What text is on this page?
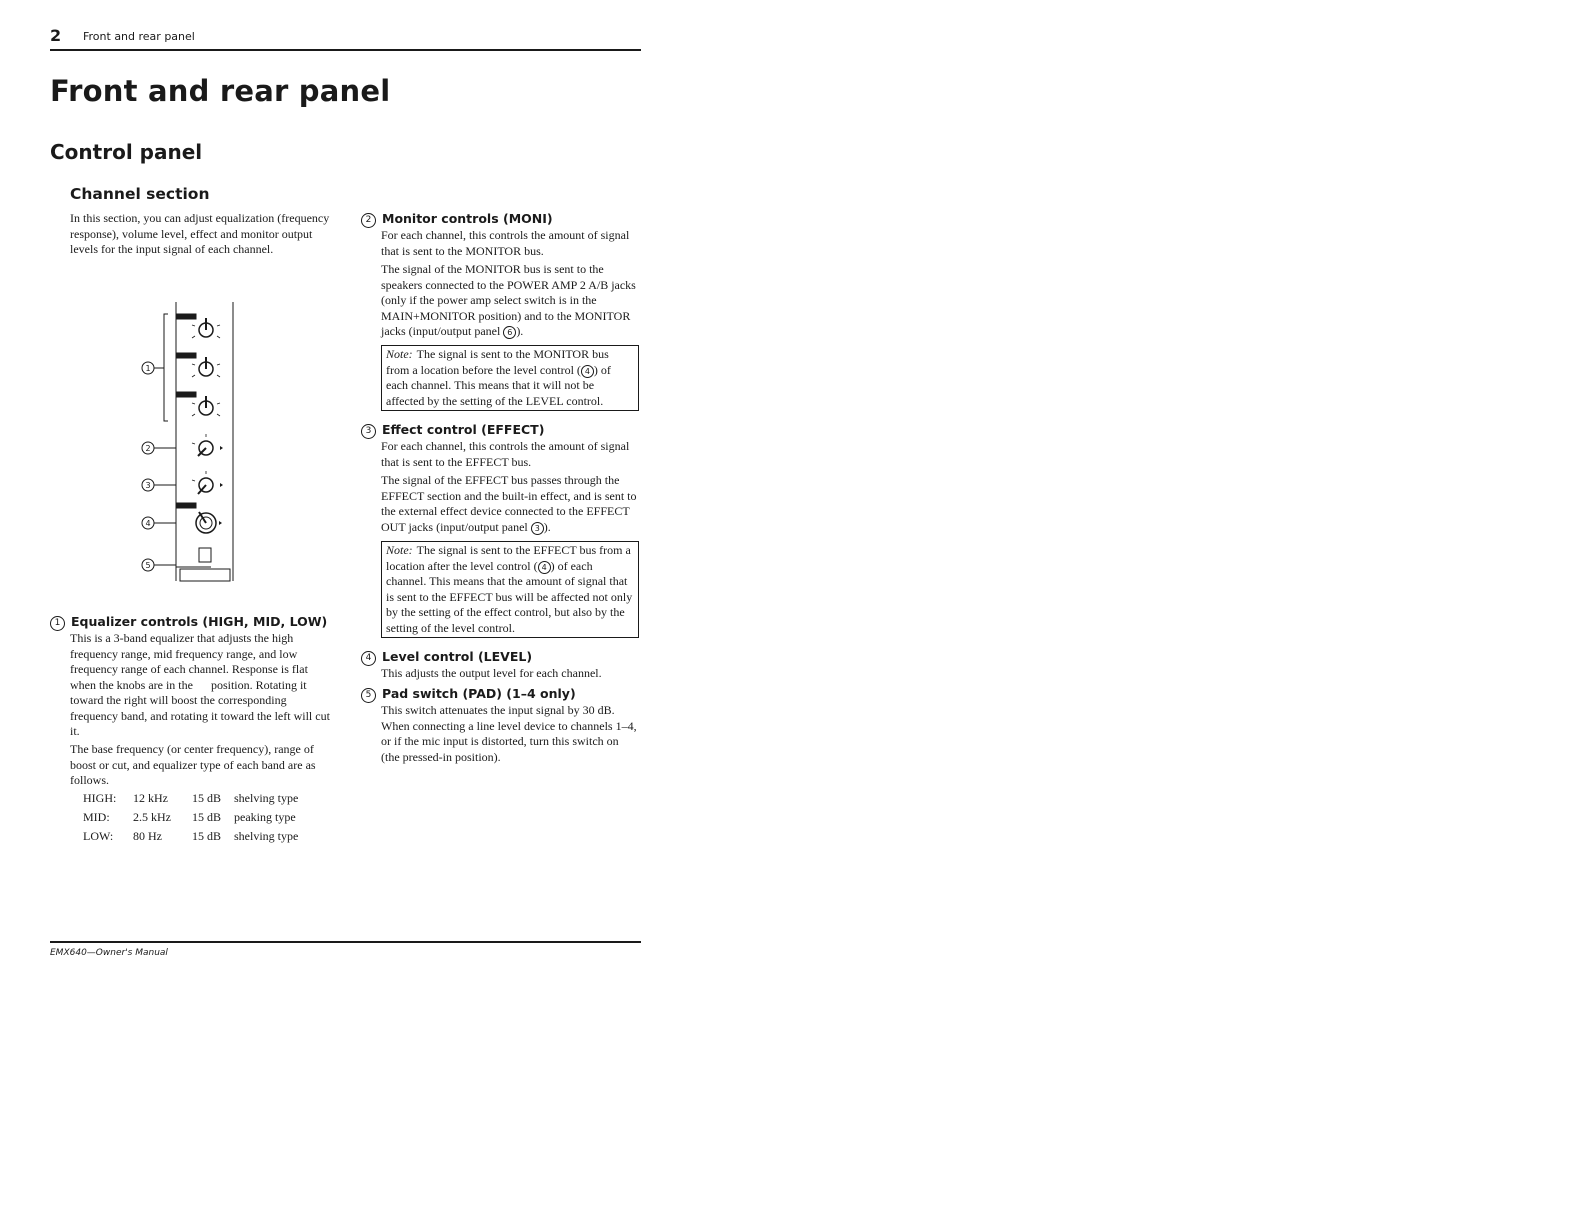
2 Front and rear panel
Front and rear panel
Control panel
Channel section

In this section, you can adjust equalization (frequency response), volume level, effect and monitor output levels for the input signal of each channel.

1
2
3
4
5
1 Equalizer controls (HIGH, MID, LOW)

This is a 3-band equalizer that adjusts the high frequency range, mid frequency range, and low frequency range of each channel. Response is flat when the knobs are in the      position. Rotating it toward the right will boost the corresponding frequency band, and rotating it toward the left will cut it.

The base frequency (or center frequency), range of boost or cut, and equalizer type of each band are as follows.

HIGH: 12 kHz 15 dB shelving type
MID: 2.5 kHz 15 dB peaking type
LOW: 80 Hz	15 dB shelving type
2 Monitor controls (MONI)

For each channel, this controls the amount of signal that is sent to the MONITOR bus.

The signal of the MONITOR bus is sent to the speakers connected to the POWER AMP 2 A/B jacks (only if the power amp select switch is in the MAIN+MONITOR position) and to the MONITOR jacks (input/output panel 6 ).

Note: The signal is sent to the MONITOR bus from a location before the level control ( 4 ) of each channel. This means that it will not be affected by the setting of the LEVEL control.
3 Effect control (EFFECT)

For each channel, this controls the amount of signal that is sent to the EFFECT bus.

The signal of the EFFECT bus passes through the EFFECT section and the built-in effect, and is sent to the external effect device connected to the EFFECT OUT jacks (input/output panel 3 ).

Note: The signal is sent to the EFFECT bus from a location after the level control ( 4 ) of each channel. This means that the amount of signal that is sent to the EFFECT bus will be affected not only by the setting of the effect control, but also by the setting of the level control.
4 Level control (LEVEL)

This adjusts the output level for each channel.

5 Pad switch (PAD) (1–4 only)

This switch attenuates the input signal by 30 dB. When connecting a line level device to channels 1–4, or if the mic input is distorted, turn this switch on (the pressed-in position).

EMX640—Owner's Manual
